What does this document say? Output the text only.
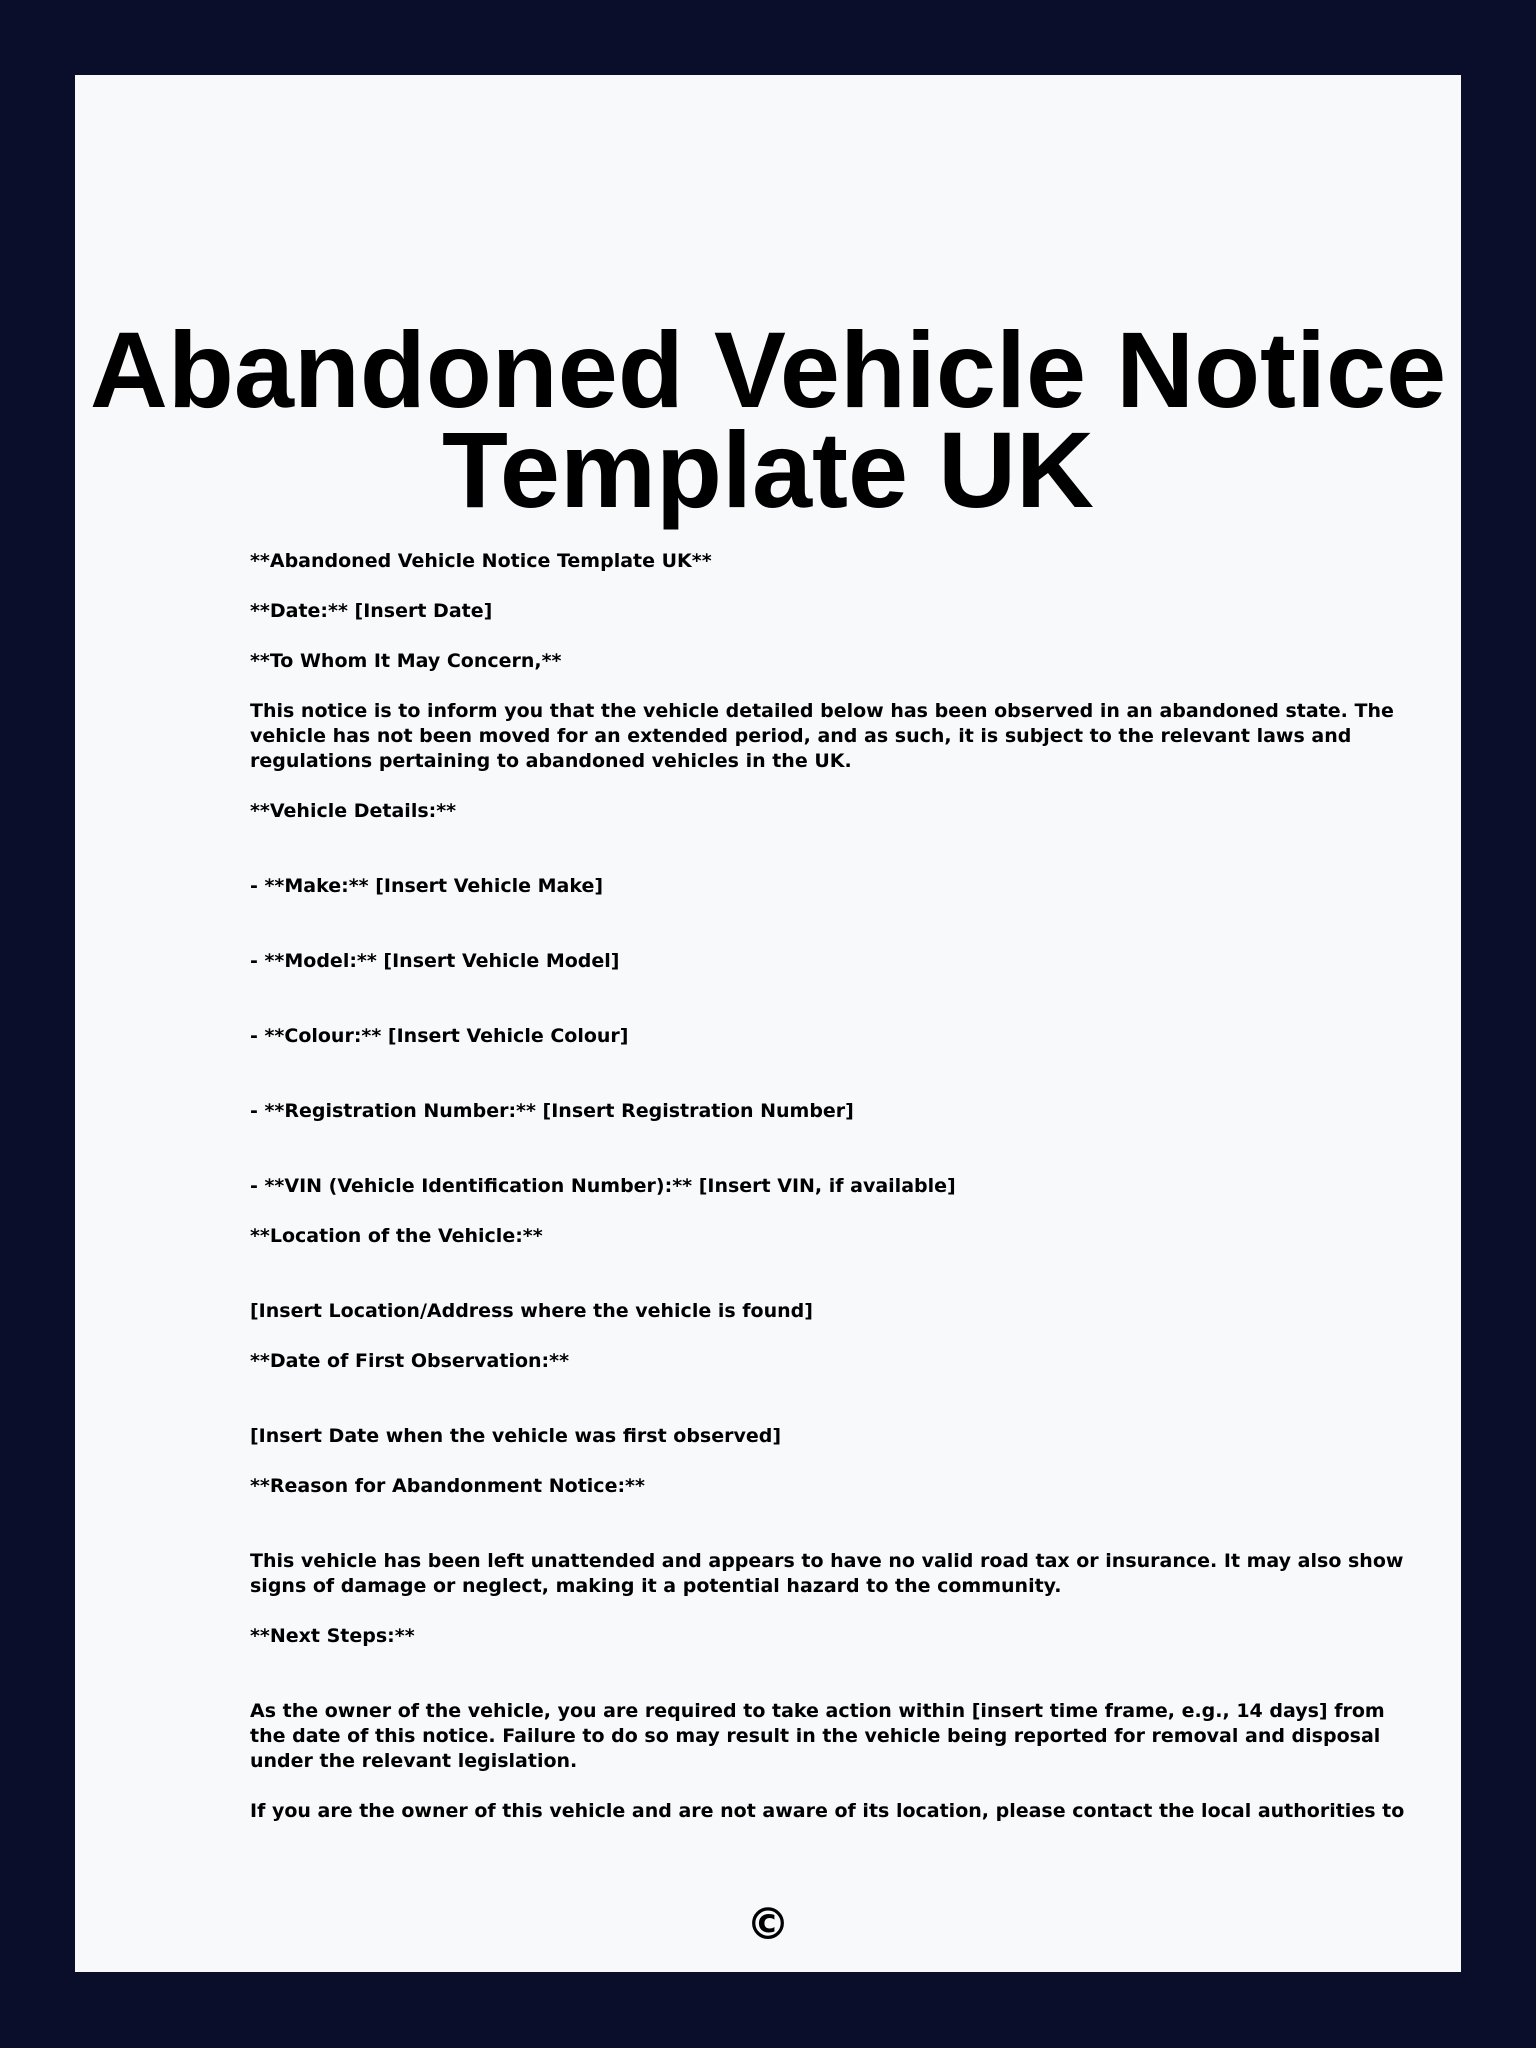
Abandoned Vehicle Notice
Template UK

**Abandoned Vehicle Notice Template UK**

**Date:** [Insert Date]

**To Whom It May Concern,**

This notice is to inform you that the vehicle detailed below has been observed in an abandoned state. The

vehicle has not been moved for an extended period, and as such, it is subject to the relevant laws and

regulations pertaining to abandoned vehicles in the UK.

**Vehicle Details:**

- **Make:** [Insert Vehicle Make]

- **Model:** [Insert Vehicle Model]

- **Colour:** [Insert Vehicle Colour]

- **Registration Number:** [Insert Registration Number]

- **VIN (Vehicle Identification Number):** [Insert VIN, if available]

**Location of the Vehicle:**

[Insert Location/Address where the vehicle is found]

**Date of First Observation:**

[Insert Date when the vehicle was first observed]

**Reason for Abandonment Notice:**

This vehicle has been left unattended and appears to have no valid road tax or insurance. It may also show

signs of damage or neglect, making it a potential hazard to the community.

**Next Steps:**

As the owner of the vehicle, you are required to take action within [insert time frame, e.g., 14 days] from

the date of this notice. Failure to do so may result in the vehicle being reported for removal and disposal

under the relevant legislation.

If you are the owner of this vehicle and are not aware of its location, please contact the local authorities to

©
